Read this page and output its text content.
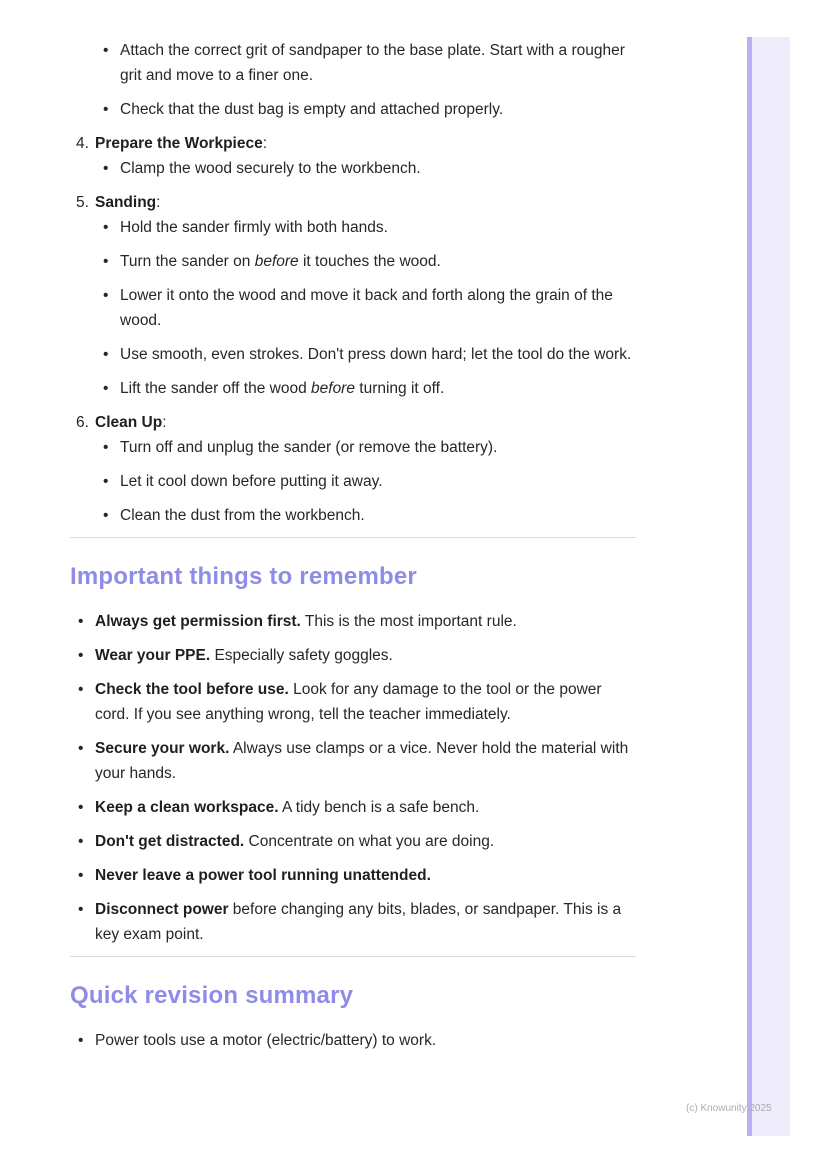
• Attach the correct grit of sandpaper to the base plate. Start with a rougher grit and move to a finer one.
• Check that the dust bag is empty and attached properly.
4. Prepare the Workpiece:
• Clamp the wood securely to the workbench.
5. Sanding:
• Hold the sander firmly with both hands.
• Turn the sander on before it touches the wood.
• Lower it onto the wood and move it back and forth along the grain of the wood.
• Use smooth, even strokes. Don't press down hard; let the tool do the work.
• Lift the sander off the wood before turning it off.
6. Clean Up:
• Turn off and unplug the sander (or remove the battery).
• Let it cool down before putting it away.
• Clean the dust from the workbench.
Important things to remember
• Always get permission first. This is the most important rule.
• Wear your PPE. Especially safety goggles.
• Check the tool before use. Look for any damage to the tool or the power cord. If you see anything wrong, tell the teacher immediately.
• Secure your work. Always use clamps or a vice. Never hold the material with your hands.
• Keep a clean workspace. A tidy bench is a safe bench.
• Don't get distracted. Concentrate on what you are doing.
• Never leave a power tool running unattended.
• Disconnect power before changing any bits, blades, or sandpaper. This is a key exam point.
Quick revision summary
• Power tools use a motor (electric/battery) to work.
(c) Knowunity 2025
